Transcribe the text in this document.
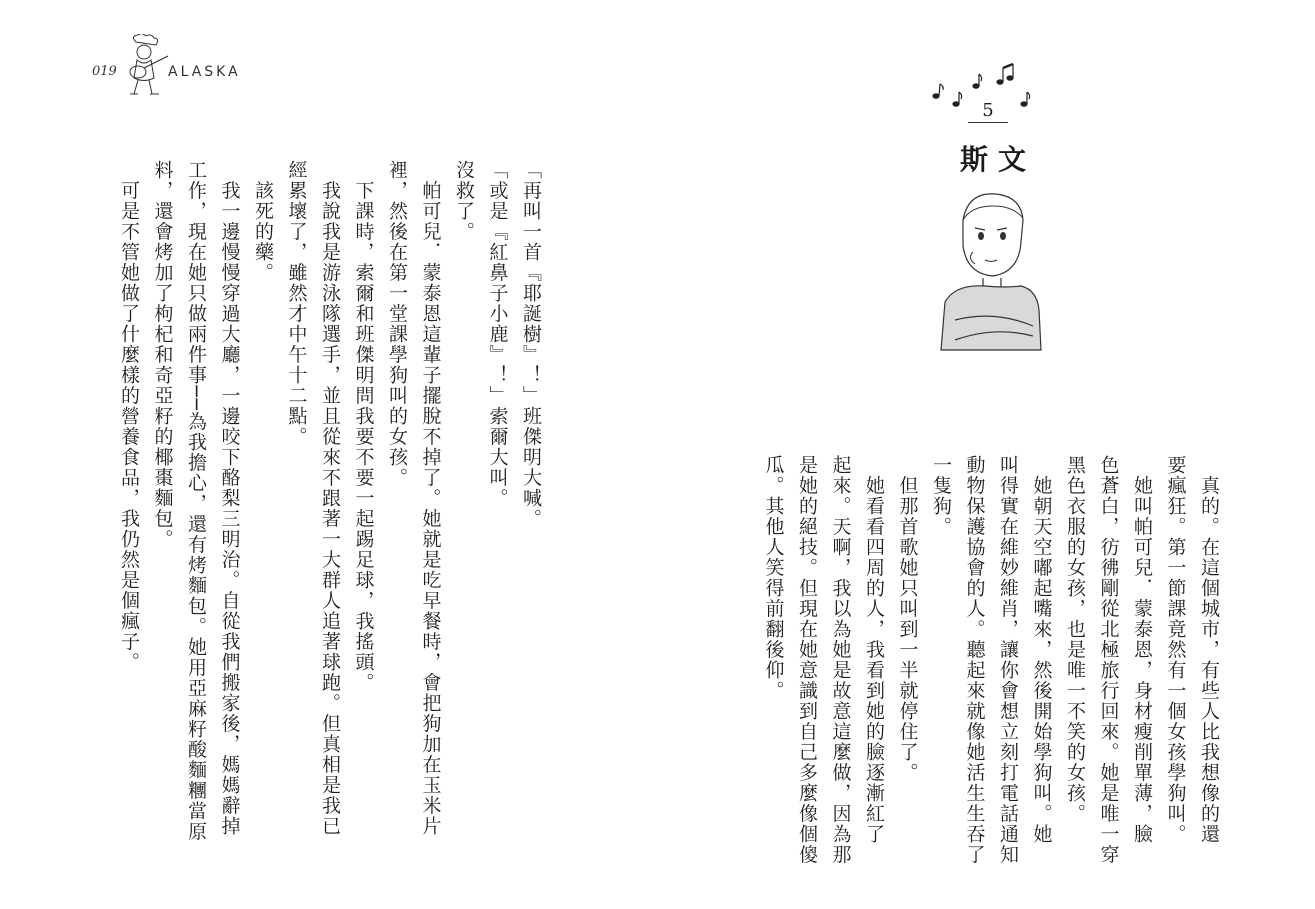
019	ALASKA
「再叫一首『耶誕樹』！」班傑明大喊。
「或是『紅鼻子小鹿』！」索爾大叫。
沒救了。
　帕可兒．蒙泰恩這輩子擺脫不掉了。她就是吃早餐時，會把狗加在玉米片
裡，然後在第一堂課學狗叫的女孩。
　下課時，索爾和班傑明問我要不要一起踢足球，我搖頭。
　我說我是游泳隊選手，並且從來不跟著一大群人追著球跑。但真相是我已
經累壞了，雖然才中午十二點。
　該死的藥。
　我一邊慢慢穿過大廳，一邊咬下酪梨三明治。自從我們搬家後，媽媽辭掉
工作，現在她只做兩件事──為我擔心，還有烤麵包。她用亞麻籽酸麵糰當原
料，還會烤加了枸杞和奇亞籽的椰棗麵包。
　可是不管她做了什麼樣的營養食品，我仍然是個瘋子。
5
斯文
　真的。在這個城市，有些人比我想像的還
要瘋狂。第一節課竟然有一個女孩學狗叫。
　她叫帕可兒．蒙泰恩，身材瘦削單薄，臉
色蒼白，彷彿剛從北極旅行回來。她是唯一穿
黑色衣服的女孩，也是唯一不笑的女孩。
　她朝天空嘟起嘴來，然後開始學狗叫。她
叫得實在維妙維肖，讓你會想立刻打電話通知
動物保護協會的人。聽起來就像她活生生吞了
一隻狗。
　但那首歌她只叫到一半就停住了。
　她看看四周的人，我看到她的臉逐漸紅了
起來。天啊，我以為她是故意這麼做，因為那
是她的絕技。但現在她意識到自己多麼像個傻
瓜。其他人笑得前翻後仰。
